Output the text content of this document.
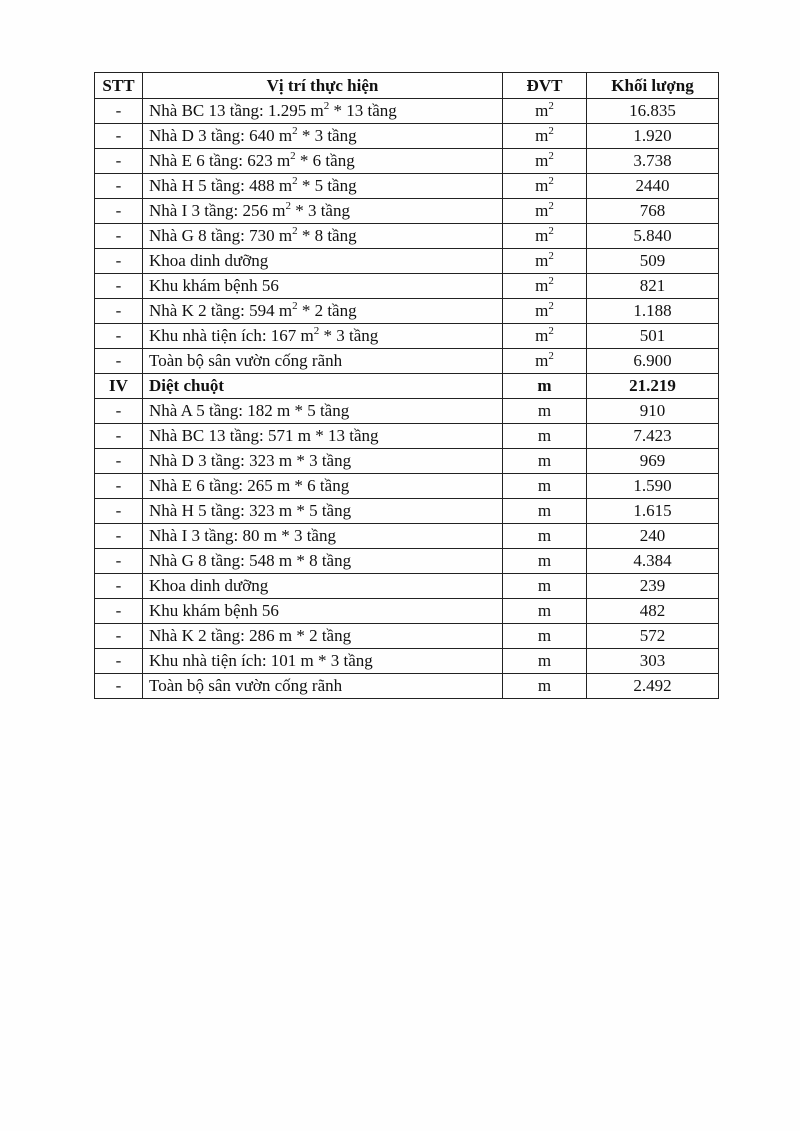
STT	Vị trí thực hiện	ĐVT	Khối lượng
-	Nhà BC 13 tầng: 1.295 $m^2 * 13$ tầng	$m^2$	16.835
-	Nhà D 3 tầng: 640 $m^2 * 3$ tầng	$m^2$	1.920
-	Nhà E 6 tầng: 623 $m^2 * 6$ tầng	$m^2$	3.738
-	Nhà H 5 tầng: 488 $m^2 * 5$ tầng	$m^2$	2440
-	Nhà I 3 tầng: 256 $m^2 * 3$ tầng	$m^2$	768
-	Nhà G 8 tầng: 730 $m^2 * 8$ tầng	$m^2$	5.840
-	Khoa dinh dưỡng	$m^2$	509
-	Khu khám bệnh 56	$m^2$	821
-	Nhà K 2 tầng: 594 $m^2 * 2$ tầng	$m^2$	1.188
-	Khu nhà tiện ích: 167 $m^2 * 3$ tầng	$m^2$	501
-	Toàn bộ sân vườn cống rãnh	$m^2$	6.900
IV	Diệt chuột	m	21.219
-	Nhà A 5 tầng: 182 m * 5 tầng	m	910
-	Nhà BC 13 tầng: 571 m * 13 tầng	m	7.423
-	Nhà D 3 tầng: 323 m * 3 tầng	m	969
-	Nhà E 6 tầng: 265 m * 6 tầng	m	1.590
-	Nhà H 5 tầng: 323 m * 5 tầng	m	1.615
-	Nhà I 3 tầng: 80 m * 3 tầng	m	240
-	Nhà G 8 tầng: 548 m * 8 tầng	m	4.384
-	Khoa dinh dưỡng	m	239
-	Khu khám bệnh 56	m	482
-	Nhà K 2 tầng: 286 m * 2 tầng	m	572
-	Khu nhà tiện ích: 101 m * 3 tầng	m	303
-	Toàn bộ sân vườn cống rãnh	m	2.492
